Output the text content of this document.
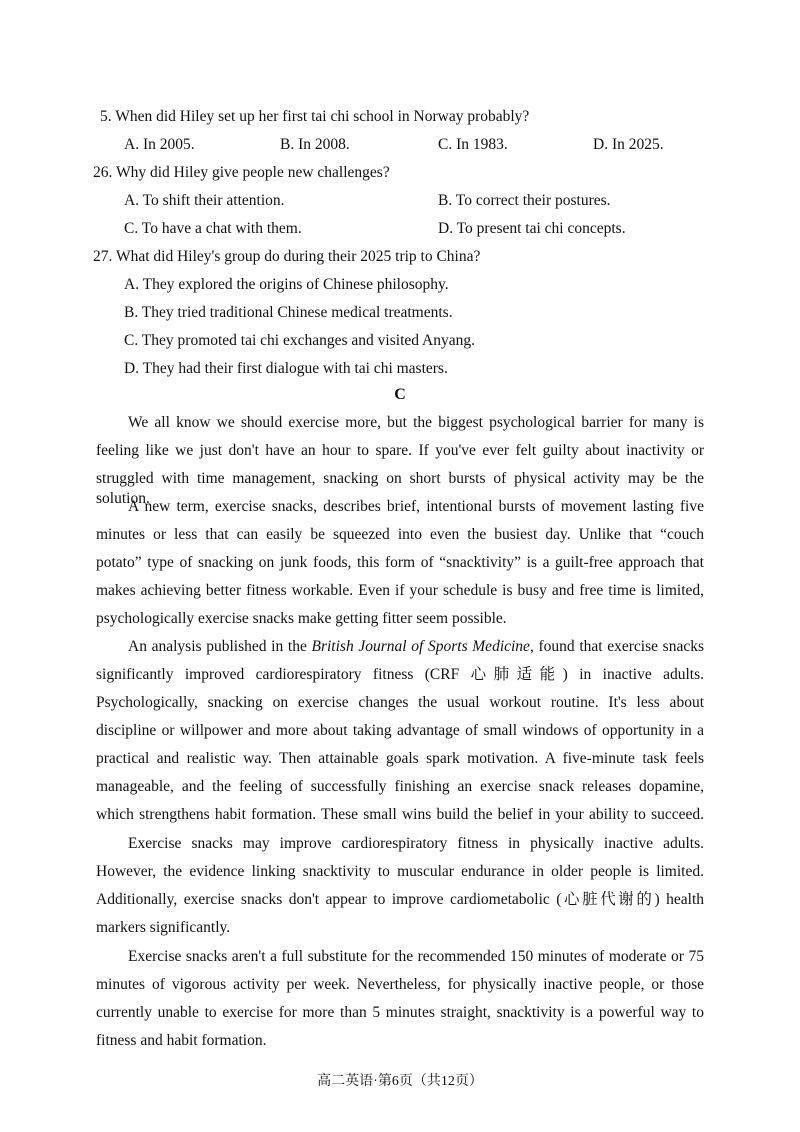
5. When did Hiley set up her first tai chi school in Norway probably?
A. In 2005.	B. In 2008.	C. In 1983.	D. In 2025.
26. Why did Hiley give people new challenges?
A. To shift their attention.	B. To correct their postures.
C. To have a chat with them.	D. To present tai chi concepts.
27. What did Hiley's group do during their 2025 trip to China?
A. They explored the origins of Chinese philosophy.
B. They tried traditional Chinese medical treatments.
C. They promoted tai chi exchanges and visited Anyang.
D. They had their first dialogue with tai chi masters.
C
We all know we should exercise more, but the biggest psychological barrier for many is
feeling like we just don't have an hour to spare. If you've ever felt guilty about inactivity or
struggled with time management, snacking on short bursts of physical activity may be the solution.
A new term, exercise snacks, describes brief, intentional bursts of movement lasting five
minutes or less that can easily be squeezed into even the busiest day. Unlike that “couch
potato” type of snacking on junk foods, this form of “snacktivity” is a guilt-free approach that
makes achieving better fitness workable. Even if your schedule is busy and free time is limited,
psychologically exercise snacks make getting fitter seem possible.
An analysis published in the British Journal of Sports Medicine, found that exercise snacks
significantly improved cardiorespiratory fitness (CRF 心肺适能) in inactive adults.
Psychologically, snacking on exercise changes the usual workout routine. It's less about
discipline or willpower and more about taking advantage of small windows of opportunity in a
practical and realistic way. Then attainable goals spark motivation. A five-minute task feels
manageable, and the feeling of successfully finishing an exercise snack releases dopamine,
which strengthens habit formation. These small wins build the belief in your ability to succeed.
Exercise snacks may improve cardiorespiratory fitness in physically inactive adults.
However, the evidence linking snacktivity to muscular endurance in older people is limited.
Additionally, exercise snacks don't appear to improve cardiometabolic (心脏代谢的) health
markers significantly.
Exercise snacks aren't a full substitute for the recommended 150 minutes of moderate or 75
minutes of vigorous activity per week. Nevertheless, for physically inactive people, or those
currently unable to exercise for more than 5 minutes straight, snacktivity is a powerful way to
fitness and habit formation.
高二英语·第6页（共12页）
